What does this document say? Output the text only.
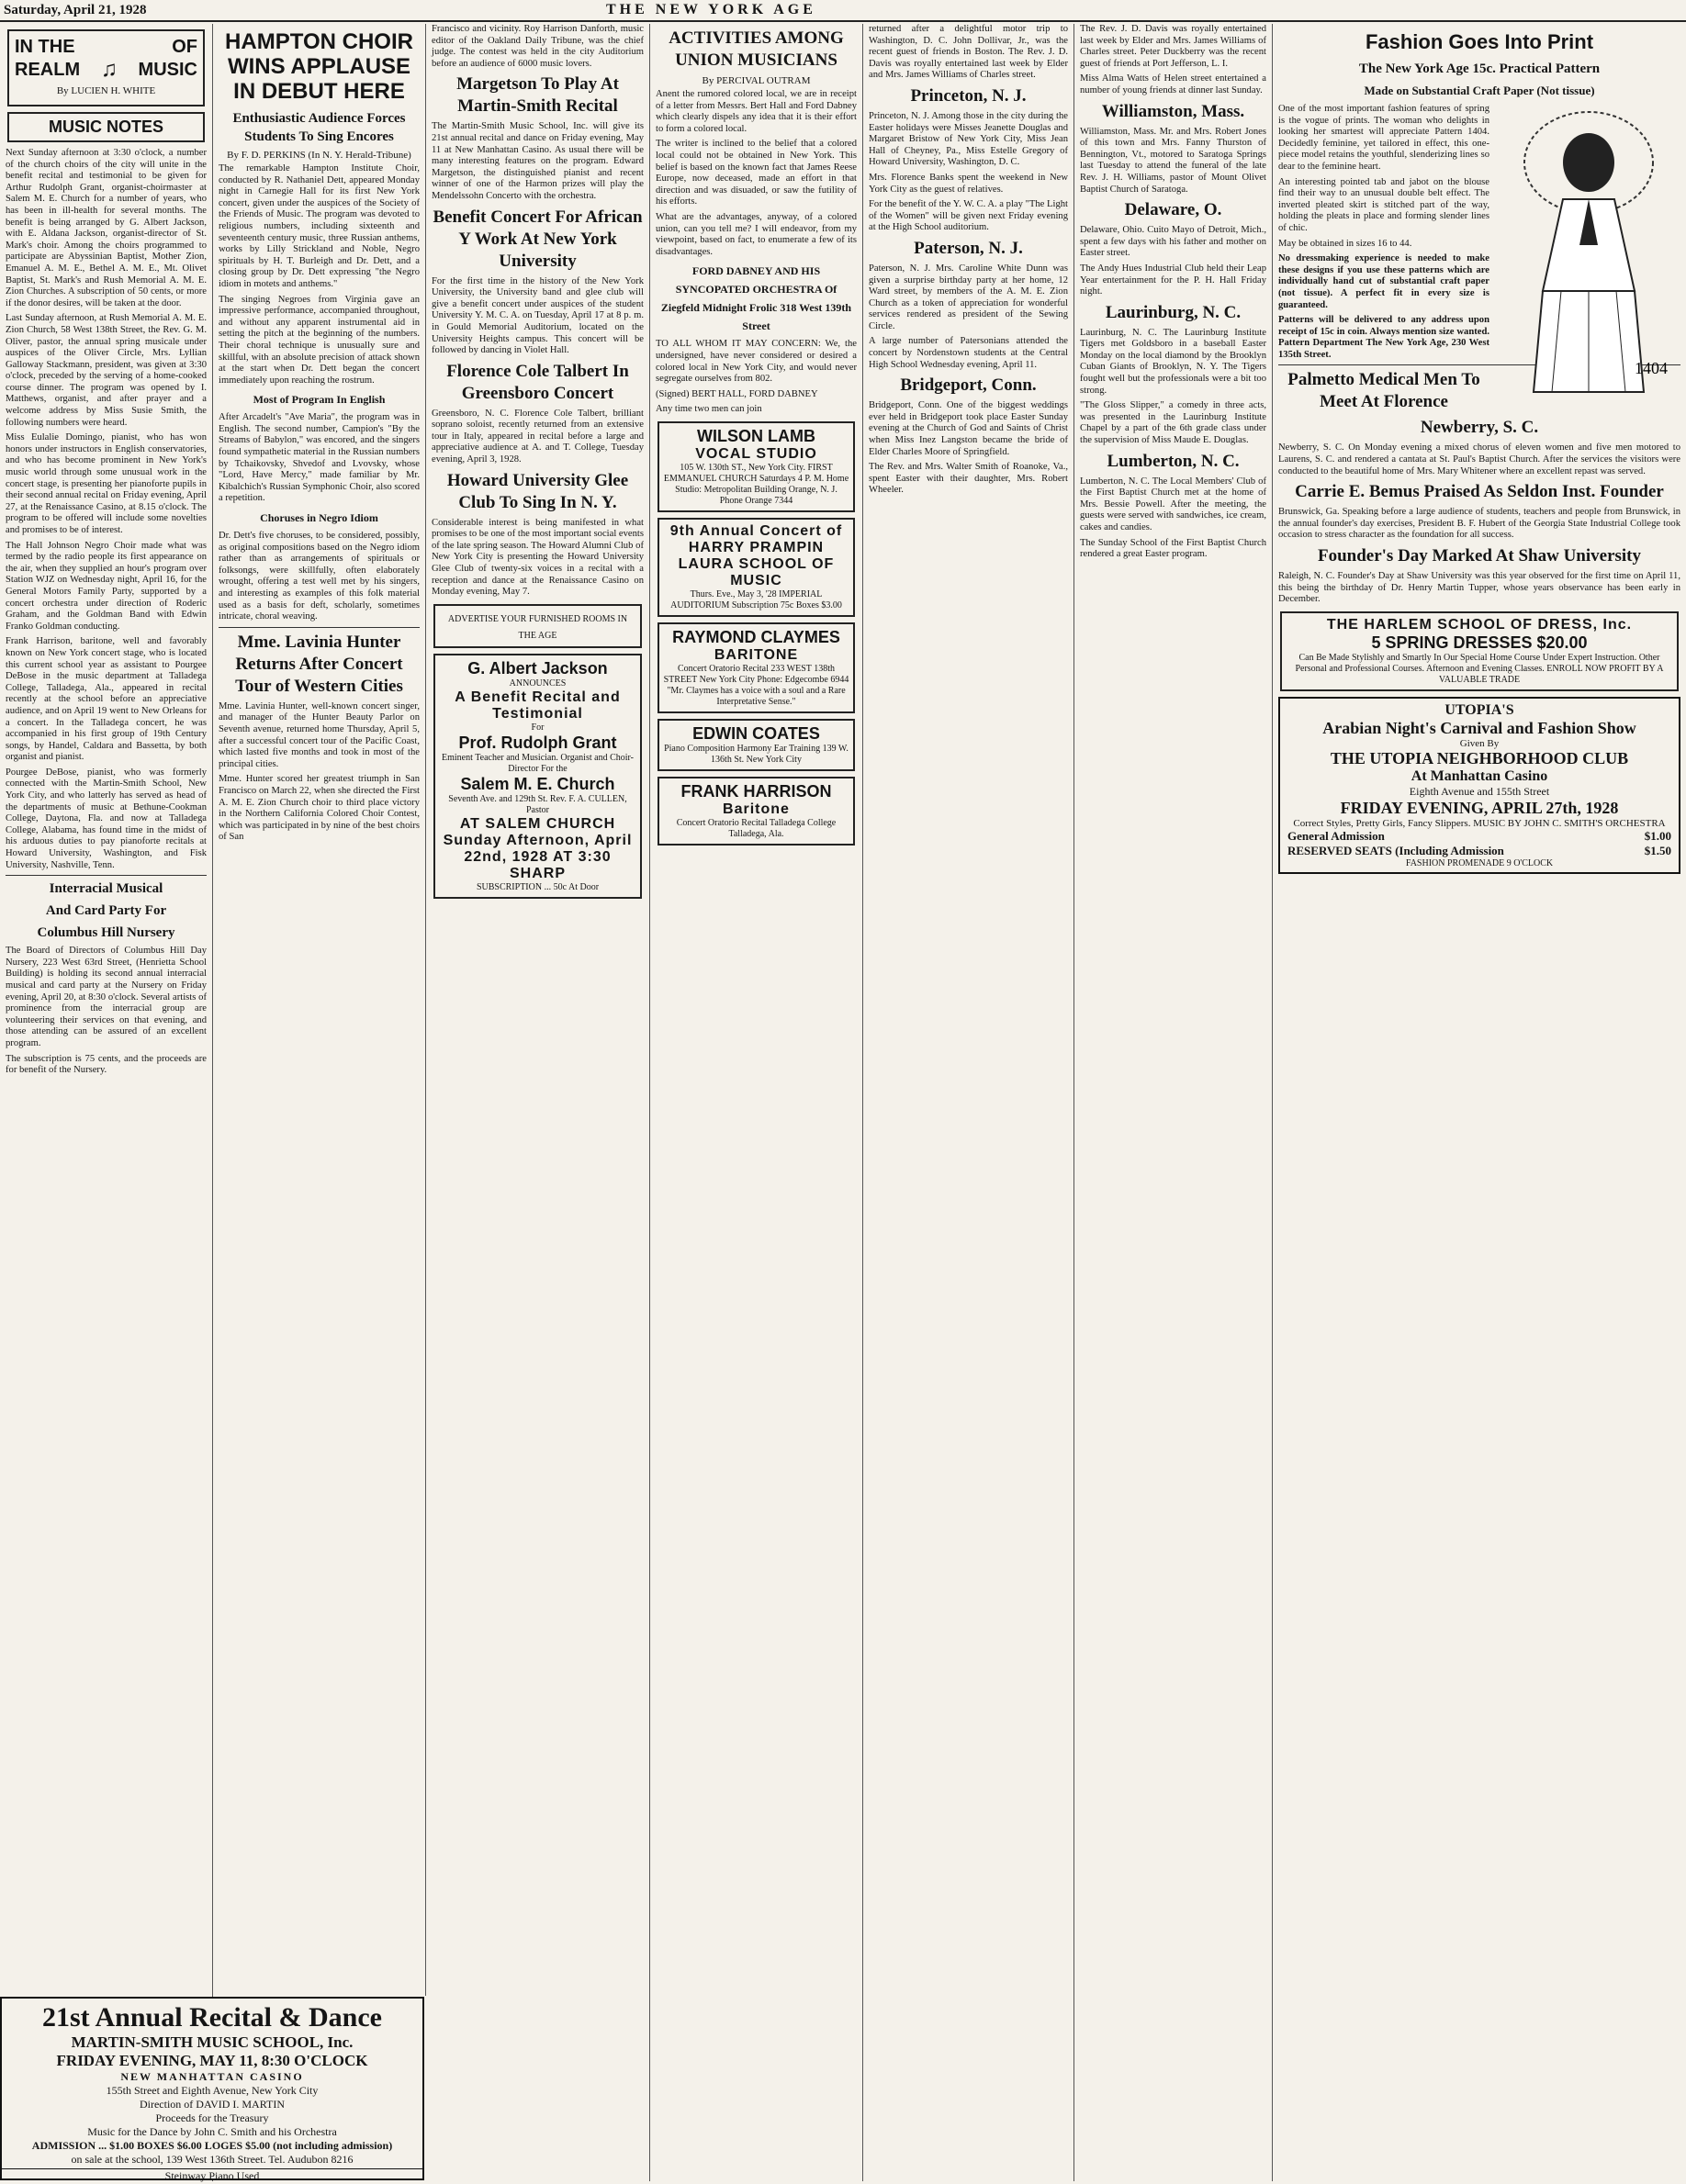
Saturday, April 21, 1928	THE NEW YORK AGE
IN THE	OF
REALM ♫ MUSIC
By LUCIEN H. WHITE
MUSIC NOTES

Next Sunday afternoon at 3:30 o'clock, a number of the church choirs of the city will unite in the benefit recital and testimonial to be given for Arthur Rudolph Grant, organist-choirmaster at Salem M. E. Church for a number of years, who has been in ill-health for several months. The benefit is being arranged by G. Albert Jackson, with E. Aldana Jackson, organist-director of St. Mark's choir. Among the choirs programmed to participate are Abyssinian Baptist, Mother Zion, Emanuel A. M. E., Bethel A. M. E., Mt. Olivet Baptist, St. Mark's and Rush Memorial A. M. E. Zion Churches. A subscription of 50 cents, or more if the donor desires, will be taken at the door.

Last Sunday afternoon, at Rush Memorial A. M. E. Zion Church, 58 West 138th Street, the Rev. G. M. Oliver, pastor, the annual spring musicale under auspices of the Oliver Circle, Mrs. Lyllian Galloway Stackmann, president, was given at 3:30 o'clock, preceded by the serving of a home-cooked course dinner. The program was opened by I. Matthews, organist, and after prayer and a welcome address by Miss Susie Smith, the following numbers were heard.

Miss Eulalie Domingo, pianist, who has won honors under instructors in English conservatories, and who has become prominent in New York's music world through some unusual work in the concert stage, is presenting her pianoforte pupils in their second annual recital on Friday evening, April 27, at the Renaissance Casino, at 8.15 o'clock. The program to be offered will include some novelties and promises to be of interest.

The Hall Johnson Negro Choir made what was termed by the radio people its first appearance on the air, when they supplied an hour's program over Station WJZ on Wednesday night, April 16, for the General Motors Family Party, supported by a concert orchestra under direction of Roderic Graham, and the Goldman Band with Edwin Franko Goldman conducting.

Frank Harrison, baritone, well and favorably known on New York concert stage, who is located this current school year as assistant to Pourgee DeBose in the music department at Talladega College, Talladega, Ala., appeared in recital recently at the school before an appreciative audience, and on April 19 went to New Orleans for a concert. In the Talladega concert, he was accompanied in his first group of 19th Century songs, by Handel, Caldara and Bassetta, by both organist and pianist.

Pourgee DeBose, pianist, who was formerly connected with the Martin-Smith School, New York City, and who latterly has served as head of the departments of music at Bethune-Cookman College, Daytona, Fla. and now at Talladega College, Alabama, has found time in the midst of his arduous duties to pay pianoforte recitals at Howard University, Washington, and Fisk University, Nashville, Tenn.

Interracial Musical
And Card Party For
Columbus Hill Nursery

The Board of Directors of Columbus Hill Day Nursery, 223 West 63rd Street, (Henrietta School Building) is holding its second annual interracial musical and card party at the Nursery on Friday evening, April 20, at 8:30 o'clock. Several artists of prominence from the interracial group are volunteering their services on that evening, and those attending can be assured of an excellent program.

The subscription is 75 cents, and the proceeds are for benefit of the Nursery.

HAMPTON CHOIR WINS APPLAUSE IN DEBUT HERE
Enthusiastic Audience Forces Students To Sing Encores
By F. D. PERKINS (In N. Y. Herald-Tribune)

The remarkable Hampton Institute Choir, conducted by R. Nathaniel Dett, appeared Monday night in Carnegie Hall for its first New York concert, given under the auspices of the Society of the Friends of Music. The program was devoted to religious numbers, including sixteenth and seventeenth century music, three Russian anthems, works by Lilly Strickland and Noble, Negro spirituals by H. T. Burleigh and Dr. Dett, and a closing group by Dr. Dett expressing "the Negro idiom in motets and anthems."

The singing Negroes from Virginia gave an impressive performance, accompanied throughout, and without any apparent instrumental aid in setting the pitch at the beginning of the numbers. Their choral technique is unusually sure and skillful, with an absolute precision of attack shown at the start when Dr. Dett began the concert immediately upon reaching the rostrum.

Most of Program In English

After Arcadelt's "Ave Maria", the program was in English. The second number, Campion's "By the Streams of Babylon," was encored, and the singers found sympathetic material in the Russian numbers by Tchaikovsky, Shvedof and Lvovsky, whose "Lord, Have Mercy," made familiar by Mr. Kibalchich's Russian Symphonic Choir, also scored a repetition.

Choruses in Negro Idiom

Dr. Dett's five choruses, to be considered, possibly, as original compositions based on the Negro idiom rather than as arrangements of spirituals or folksongs, were skillfully, often elaborately wrought, offering a test well met by his singers, and interesting as examples of this folk material used as a basis for deft, scholarly, sometimes intricate, choral weaving.

Mme. Lavinia Hunter Returns After Concert Tour of Western Cities

Mme. Lavinia Hunter, well-known concert singer, and manager of the Hunter Beauty Parlor on Seventh avenue, returned home Thursday, April 5, after a successful concert tour of the Pacific Coast, which lasted five months and took in most of the principal cities.

Mme. Hunter scored her greatest triumph in San Francisco on March 22, when she directed the First A. M. E. Zion Church choir to third place victory in the Northern California Colored Choir Contest, which was participated in by nine of the best choirs of San

Francisco and vicinity. Roy Harrison Danforth, music editor of the Oakland Daily Tribune, was the chief judge. The contest was held in the city Auditorium before an audience of 6000 music lovers.

Margetson To Play At Martin-Smith Recital

The Martin-Smith Music School, Inc. will give its 21st annual recital and dance on Friday evening, May 11 at New Manhattan Casino. As usual there will be many interesting features on the program. Edward Margetson, the distinguished pianist and recent winner of one of the Harmon prizes will play the Mendelssohn Concerto with the orchestra.

Benefit Concert For African Y Work At New York University

For the first time in the history of the New York University, the University band and glee club will give a benefit concert under auspices of the student University Y. M. C. A. on Tuesday, April 17 at 8 p. m. in Gould Memorial Auditorium, located on the University Heights campus. This concert will be followed by dancing in Violet Hall.

Florence Cole Talbert In Greensboro Concert

Greensboro, N. C. Florence Cole Talbert, brilliant soprano soloist, recently returned from an extensive tour in Italy, appeared in recital before a large and appreciative audience at A. and T. College, Tuesday evening, April 3, 1928.

Howard University Glee Club To Sing In N. Y.

Considerable interest is being manifested in what promises to be one of the most important social events of the late spring season. The Howard Alumni Club of New York City is presenting the Howard University Glee Club of twenty-six voices in a recital with a reception and dance at the Renaissance Casino on Monday evening, May 7.

ADVERTISE YOUR FURNISHED ROOMS IN THE AGE
G. Albert Jackson
ANNOUNCES
A Benefit Recital and Testimonial
For
Prof. Rudolph Grant
Eminent Teacher and Musician. Organist and Choir-Director For the
Salem M. E. Church
Seventh Ave. and 129th St. Rev. F. A. CULLEN, Pastor
AT SALEM CHURCH
Sunday Afternoon, April 22nd, 1928 AT 3:30 SHARP
SUBSCRIPTION ... 50c At Door
ACTIVITIES AMONG UNION MUSICIANS
By PERCIVAL OUTRAM

Anent the rumored colored local, we are in receipt of a letter from Messrs. Bert Hall and Ford Dabney which clearly dispels any idea that it is their effort to form a colored local.

The writer is inclined to the belief that a colored local could not be obtained in New York. This belief is based on the known fact that James Reese Europe, now deceased, made an effort in that direction and was disuaded, or saw the futility of his efforts.

What are the advantages, anyway, of a colored union, can you tell me? I will endeavor, from my viewpoint, based on fact, to enumerate a few of its disadvantages.

FORD DABNEY AND HIS SYNCOPATED ORCHESTRA Of Ziegfeld Midnight Frolic 318 West 139th Street

TO ALL WHOM IT MAY CONCERN: We, the undersigned, have never considered or desired a colored local in New York City, and would never segregate ourselves from 802.

(Signed) BERT HALL, FORD DABNEY

Any time two men can join

WILSON LAMB
VOCAL STUDIO
105 W. 130th ST., New York City. FIRST EMMANUEL CHURCH Saturdays 4 P. M. Home Studio: Metropolitan Building Orange, N. J. Phone Orange 7344
9th Annual Concert of HARRY PRAMPIN LAURA SCHOOL OF MUSIC
Thurs. Eve., May 3, '28 IMPERIAL AUDITORIUM Subscription 75c Boxes $3.00
RAYMOND CLAYMES
BARITONE
Concert Oratorio Recital 233 WEST 138th STREET New York City Phone: Edgecombe 6944 "Mr. Claymes has a voice with a soul and a Rare Interpretative Sense."
EDWIN COATES
Piano Composition Harmony Ear Training 139 W. 136th St. New York City
FRANK HARRISON
Baritone
Concert Oratorio Recital Talladega College Talladega, Ala.

returned after a delightful motor trip to Washington, D. C. John Dollivar, Jr., was the recent guest of friends in Boston. The Rev. J. D. Davis was royally entertained last week by Elder and Mrs. James Williams of Charles street.

Princeton, N. J.

Princeton, N. J. Among those in the city during the Easter holidays were Misses Jeanette Douglas and Margaret Bristow of New York City, Miss Jean Hall of Cheyney, Pa., Miss Estelle Gregory of Howard University, Washington, D. C.

Mrs. Florence Banks spent the weekend in New York City as the guest of relatives.

For the benefit of the Y. W. C. A. a play "The Light of the Women" will be given next Friday evening at the High School auditorium.

Paterson, N. J.

Paterson, N. J. Mrs. Caroline White Dunn was given a surprise birthday party at her home, 12 Ward street, by members of the A. M. E. Zion Church as a token of appreciation for wonderful services rendered as president of the Sewing Circle.

A large number of Patersonians attended the concert by Nordenstown students at the Central High School Wednesday evening, April 11.

Bridgeport, Conn.

Bridgeport, Conn. One of the biggest weddings ever held in Bridgeport took place Easter Sunday evening at the Church of God and Saints of Christ when Miss Inez Langston became the bride of Elder Charles Moore of Springfield.

The Rev. and Mrs. Walter Smith of Roanoke, Va., spent Easter with their daughter, Mrs. Robert Wheeler.

The Rev. J. D. Davis was royally entertained last week by Elder and Mrs. James Williams of Charles street. Peter Duckberry was the recent guest of friends at Port Jefferson, L. I.

Miss Alma Watts of Helen street entertained a number of young friends at dinner last Sunday.

Williamston, Mass.

Williamston, Mass. Mr. and Mrs. Robert Jones of this town and Mrs. Fanny Thurston of Bennington, Vt., motored to Saratoga Springs last Tuesday to attend the funeral of the late Rev. J. H. Williams, pastor of Mount Olivet Baptist Church of Saratoga.

Delaware, O.

Delaware, Ohio. Cuito Mayo of Detroit, Mich., spent a few days with his father and mother on Easter street.

The Andy Hues Industrial Club held their Leap Year entertainment for the P. H. Hall Friday night.

Laurinburg, N. C.

Laurinburg, N. C. The Laurinburg Institute Tigers met Goldsboro in a baseball Easter Monday on the local diamond by the Brooklyn Cuban Giants of Brooklyn, N. Y. The Tigers fought well but the professionals were a bit too strong.

"The Gloss Slipper," a comedy in three acts, was presented in the Laurinburg Institute Chapel by a part of the 6th grade class under the supervision of Miss Maude E. Douglas.

Lumberton, N. C.

Lumberton, N. C. The Local Members' Club of the First Baptist Church met at the home of Mrs. Bessie Powell. After the meeting, the guests were served with sandwiches, ice cream, cakes and candies.

The Sunday School of the First Baptist Church rendered a great Easter program.

Fashion Goes Into Print
The New York Age 15c. Practical Pattern
Made on Substantial Craft Paper (Not tissue)
1404

One of the most important fashion features of spring is the vogue of prints. The woman who delights in looking her smartest will appreciate Pattern 1404. Decidedly feminine, yet tailored in effect, this one-piece model retains the youthful, slenderizing lines so dear to the feminine heart.

An interesting pointed tab and jabot on the blouse find their way to an unusual double belt effect. The inverted pleated skirt is stitched part of the way, holding the pleats in place and forming slender lines of chic.

May be obtained in sizes 16 to 44.

No dressmaking experience is needed to make these designs if you use these patterns which are individually hand cut of substantial craft paper (not tissue). A perfect fit in every size is guaranteed.

Patterns will be delivered to any address upon receipt of 15c in coin. Always mention size wanted. Pattern Department The New York Age, 230 West 135th Street.

Palmetto Medical Men To Meet At Florence
Newberry, S. C.

Newberry, S. C. On Monday evening a mixed chorus of eleven women and five men motored to Laurens, S. C. and rendered a cantata at St. Paul's Baptist Church. After the services the visitors were conducted to the beautiful home of Mrs. Mary Whitener where an excellent repast was served.

Carrie E. Bemus Praised As Seldon Inst. Founder

Brunswick, Ga. Speaking before a large audience of students, teachers and people from Brunswick, in the annual founder's day exercises, President B. F. Hubert of the Georgia State Industrial College took occasion to stress character as the foundation for all success.

Founder's Day Marked At Shaw University

Raleigh, N. C. Founder's Day at Shaw University was this year observed for the first time on April 11, this being the birthday of Dr. Henry Martin Tupper, whose years observance has been early in December.

THE HARLEM SCHOOL OF DRESS, Inc.
5 SPRING DRESSES $20.00
Can Be Made Stylishly and Smartly In Our Special Home Course Under Expert Instruction. Other Personal and Professional Courses. Afternoon and Evening Classes. ENROLL NOW PROFIT BY A VALUABLE TRADE
UTOPIA'S
Arabian Night's Carnival and Fashion Show
Given By
THE UTOPIA NEIGHBORHOOD CLUB
At Manhattan Casino
Eighth Avenue and 155th Street
FRIDAY EVENING, APRIL 27th, 1928
Correct Styles, Pretty Girls, Fancy Slippers. MUSIC BY JOHN C. SMITH'S ORCHESTRA
General Admission	$1.00
RESERVED SEATS (Including Admission	$1.50
FASHION PROMENADE 9 O'CLOCK
21st Annual Recital & Dance
MARTIN-SMITH MUSIC SCHOOL, Inc.
FRIDAY EVENING, MAY 11, 8:30 O'CLOCK
NEW MANHATTAN CASINO
155th Street and Eighth Avenue, New York City
Direction of DAVID I. MARTIN
Proceeds for the Treasury
Music for the Dance by John C. Smith and his Orchestra
ADMISSION ... $1.00 BOXES $6.00 LOGES $5.00 (not including admission)
on sale at the school, 139 West 136th Street. Tel. Audubon 8216
Steinway Piano Used
